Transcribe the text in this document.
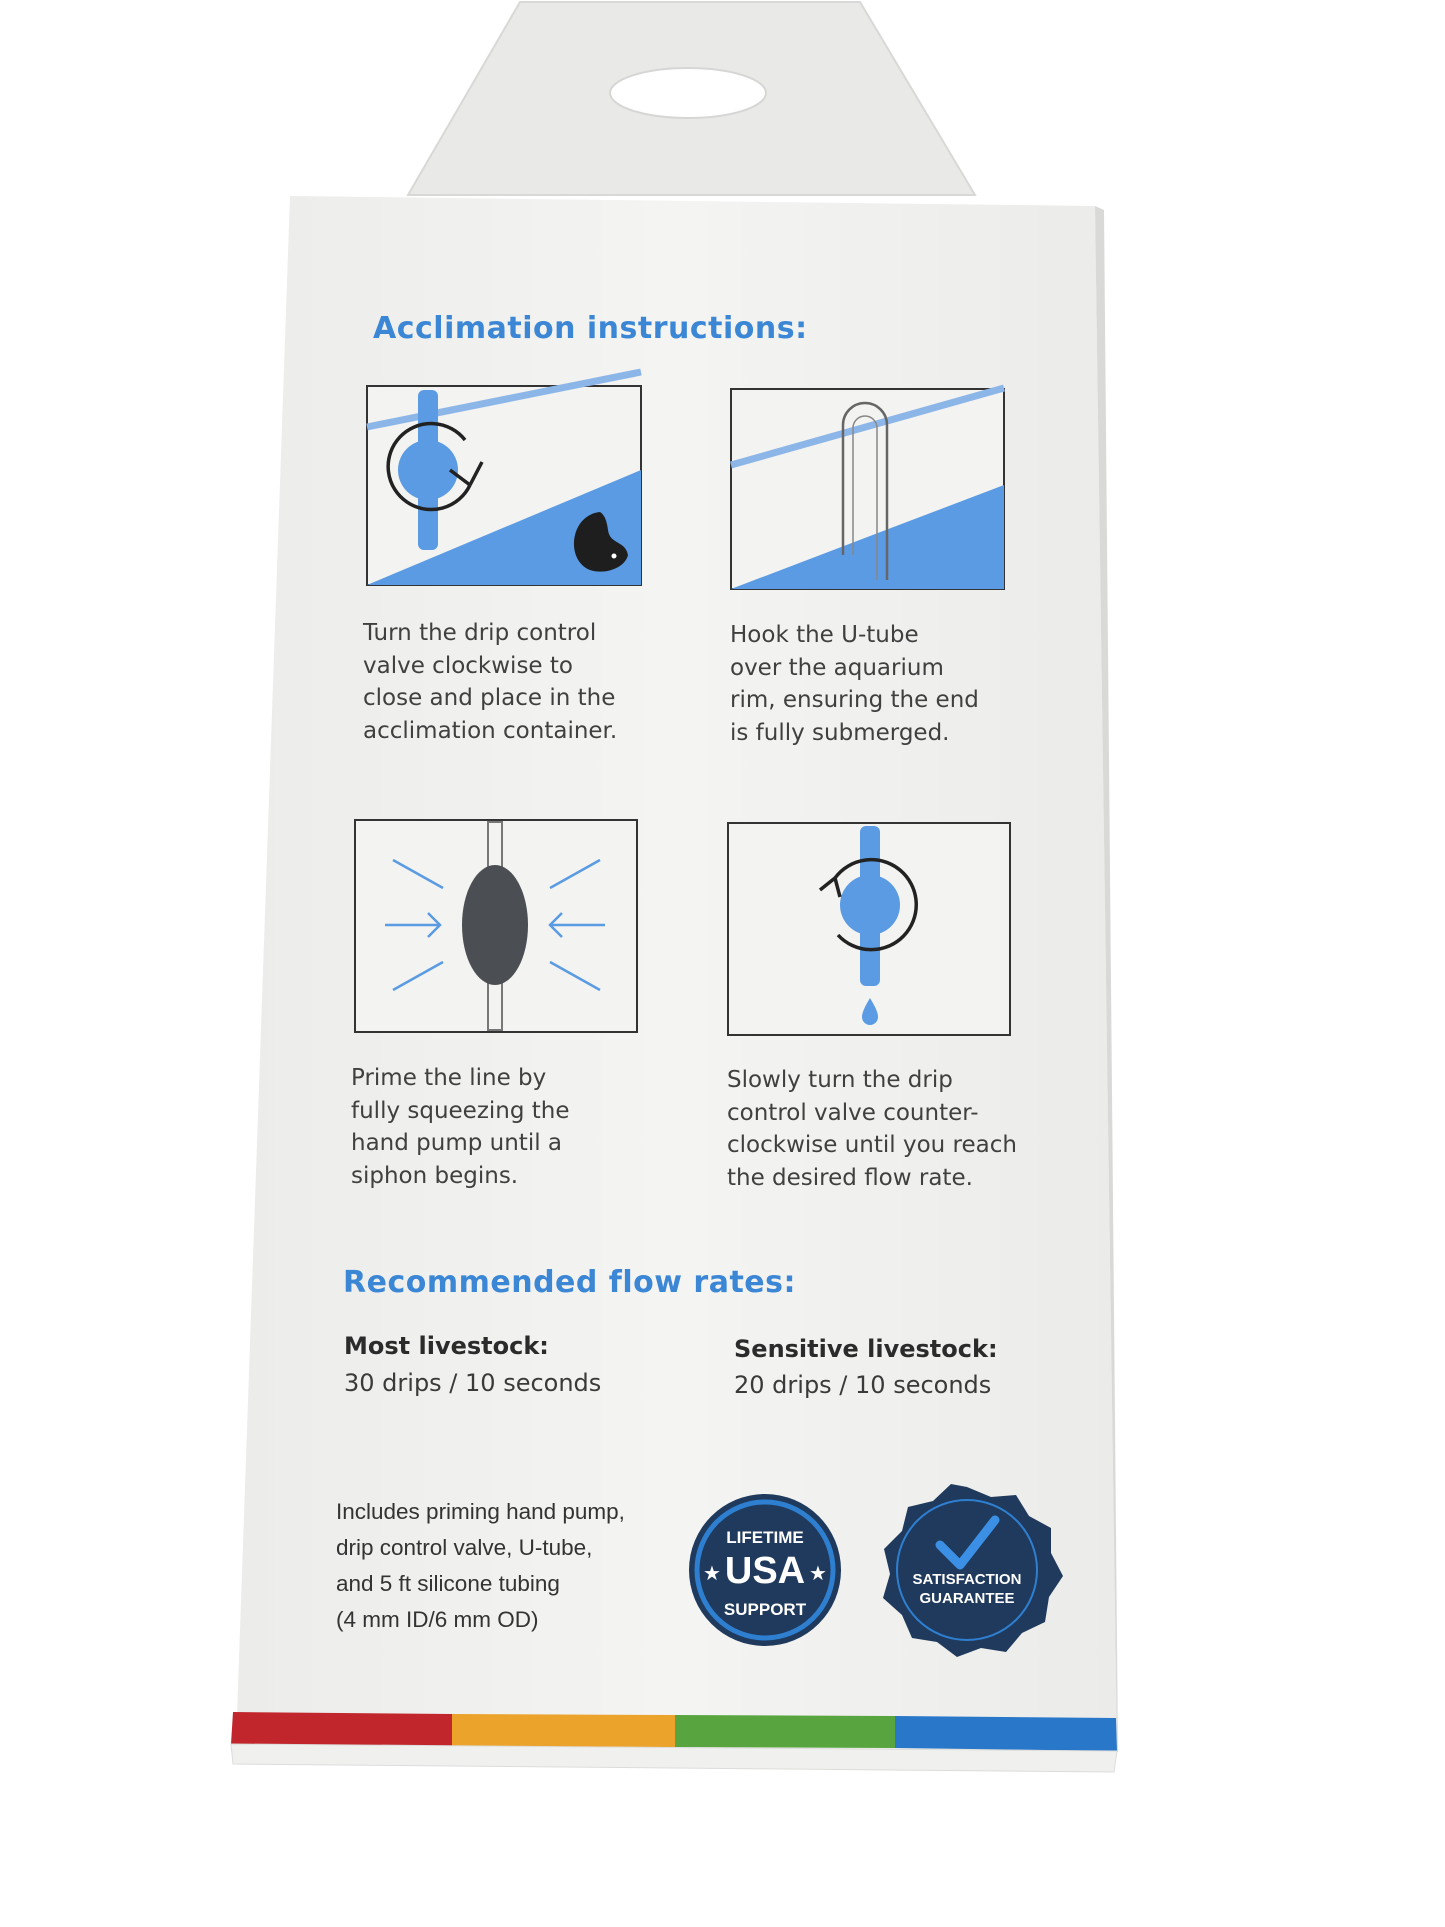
LIFETIME
USA
★	★
SUPPORT
SATISFACTION
GUARANTEE
Acclimation instructions:
Turn the drip control
valve clockwise to
close and place in the
acclimation container.
Hook the U-tube
over the aquarium
rim, ensuring the end
is fully submerged.
Prime the line by
fully squeezing the
hand pump until a
siphon begins.
Slowly turn the drip
control valve counter-
clockwise until you reach
the desired flow rate.
Recommended flow rates:
Most livestock:
30 drips / 10 seconds
Sensitive livestock:
20 drips / 10 seconds
Includes priming hand pump,
drip control valve, U-tube,
and 5 ft silicone tubing
(4 mm ID/6 mm OD)
